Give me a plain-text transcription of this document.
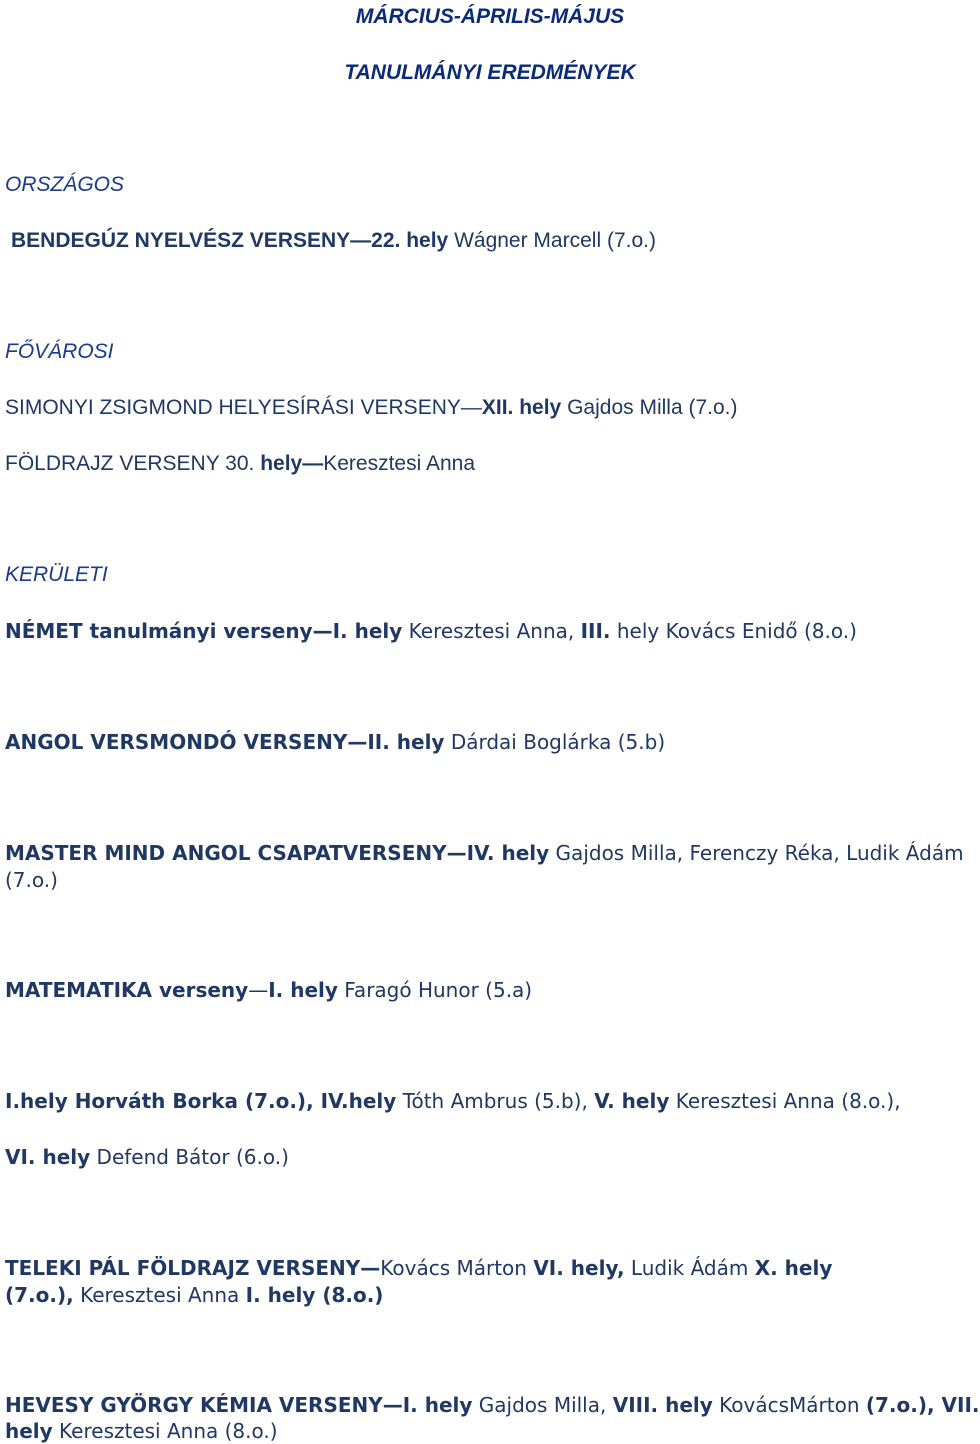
MÁRCIUS-ÁPRILIS-MÁJUS
TANULMÁNYI EREDMÉNYEK
ORSZÁGOS
BENDEGÚZ NYELVÉSZ VERSENY—22. hely Wágner Marcell (7.o.)
FŐVÁROSI
SIMONYI ZSIGMOND HELYESÍRÁSI VERSENY—XII. hely Gajdos Milla (7.o.)
FÖLDRAJZ VERSENY 30. hely—Keresztesi Anna
KERÜLETI
NÉMET tanulmányi verseny—I. hely Keresztesi Anna, III. hely Kovács Enidő (8.o.)
ANGOL VERSMONDÓ VERSENY—II. hely Dárdai Boglárka (5.b)
MASTER MIND ANGOL CSAPATVERSENY—IV. hely Gajdos Milla, Ferenczy Réka, Ludik Ádám
(7.o.)
MATEMATIKA verseny—I. hely Faragó Hunor (5.a)
I.hely Horváth Borka (7.o.), IV.hely Tóth Ambrus (5.b), V. hely Keresztesi Anna (8.o.),
VI. hely Defend Bátor (6.o.)
TELEKI PÁL FÖLDRAJZ VERSENY—Kovács Márton VI. hely, Ludik Ádám X. hely
(7.o.), Keresztesi Anna I. hely (8.o.)
HEVESY GYÖRGY KÉMIA VERSENY—I. hely Gajdos Milla, VIII. hely KovácsMárton (7.o.), VII.
hely Keresztesi Anna (8.o.)
